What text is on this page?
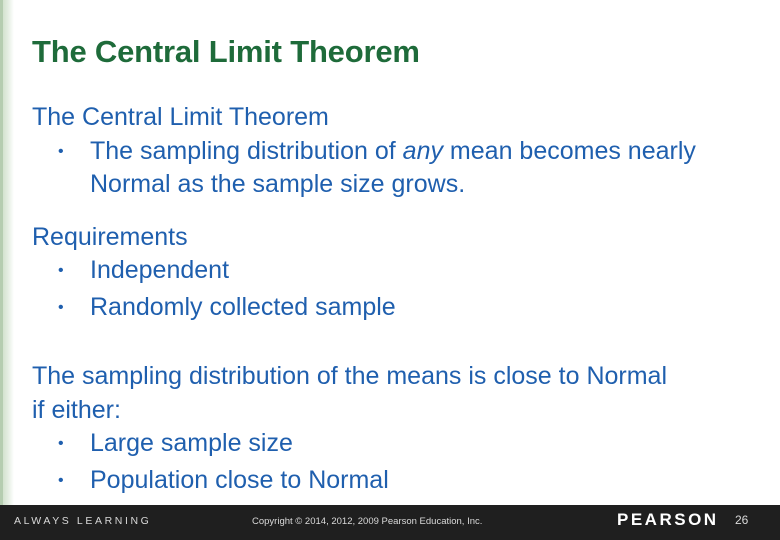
The Central Limit Theorem
The Central Limit Theorem
•	The sampling distribution of any mean becomes nearly Normal as the sample size grows.
Requirements
•	Independent
•	Randomly collected sample
The sampling distribution of the means is close to Normal
if either:
•	Large sample size
•	Population close to Normal
ALWAYS LEARNING	Copyright © 2014, 2012, 2009 Pearson Education, Inc.	PEARSON 26
